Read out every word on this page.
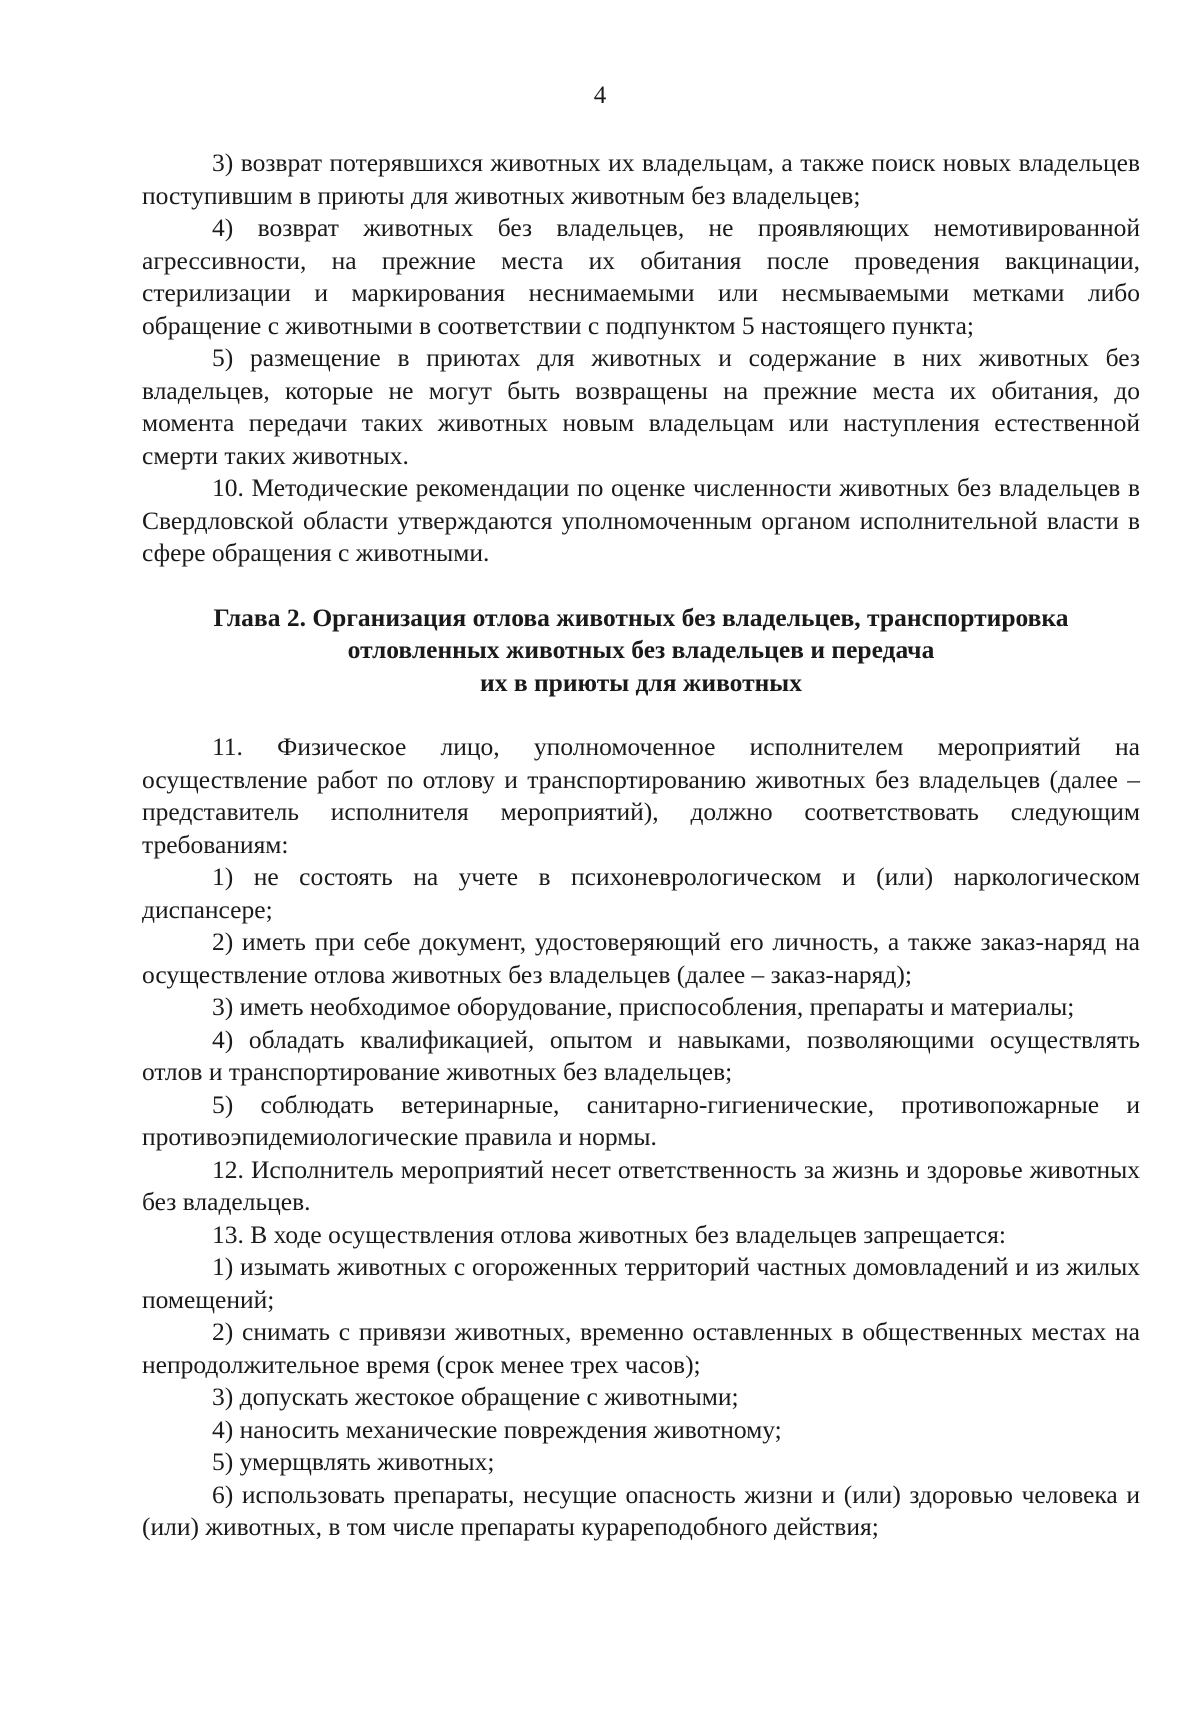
4

3) возврат потерявшихся животных их владельцам, а также поиск новых владельцев поступившим в приюты для животных животным без владельцев;

4) возврат животных без владельцев, не проявляющих немотивированной агрессивности, на прежние места их обитания после проведения вакцинации, стерилизации и маркирования неснимаемыми или несмываемыми метками либо обращение с животными в соответствии с подпунктом 5 настоящего пункта;

5) размещение в приютах для животных и содержание в них животных без владельцев, которые не могут быть возвращены на прежние места их обитания, до момента передачи таких животных новым владельцам или наступления естественной смерти таких животных.

10. Методические рекомендации по оценке численности животных без владельцев в Свердловской области утверждаются уполномоченным органом исполнительной власти в сфере обращения с животными.

Глава 2. Организация отлова животных без владельцев, транспортировка
отловленных животных без владельцев и передача
их в приюты для животных

11. Физическое лицо, уполномоченное исполнителем мероприятий на осуществление работ по отлову и транспортированию животных без владельцев (далее – представитель исполнителя мероприятий), должно соответствовать следующим требованиям:

1) не состоять на учете в психоневрологическом и (или) наркологическом диспансере;

2) иметь при себе документ, удостоверяющий его личность, а также заказ-наряд на осуществление отлова животных без владельцев (далее – заказ-наряд);

3) иметь необходимое оборудование, приспособления, препараты и материалы;

4) обладать квалификацией, опытом и навыками, позволяющими осуществлять отлов и транспортирование животных без владельцев;

5) соблюдать ветеринарные, санитарно-гигиенические, противопожарные и противоэпидемиологические правила и нормы.

12. Исполнитель мероприятий несет ответственность за жизнь и здоровье животных без владельцев.

13. В ходе осуществления отлова животных без владельцев запрещается:

1) изымать животных с огороженных территорий частных домовладений и из жилых помещений;

2) снимать с привязи животных, временно оставленных в общественных местах на непродолжительное время (срок менее трех часов);

3) допускать жестокое обращение с животными;

4) наносить механические повреждения животному;

5) умерщвлять животных;

6) использовать препараты, несущие опасность жизни и (или) здоровью человека и (или) животных, в том числе препараты курареподобного действия;
